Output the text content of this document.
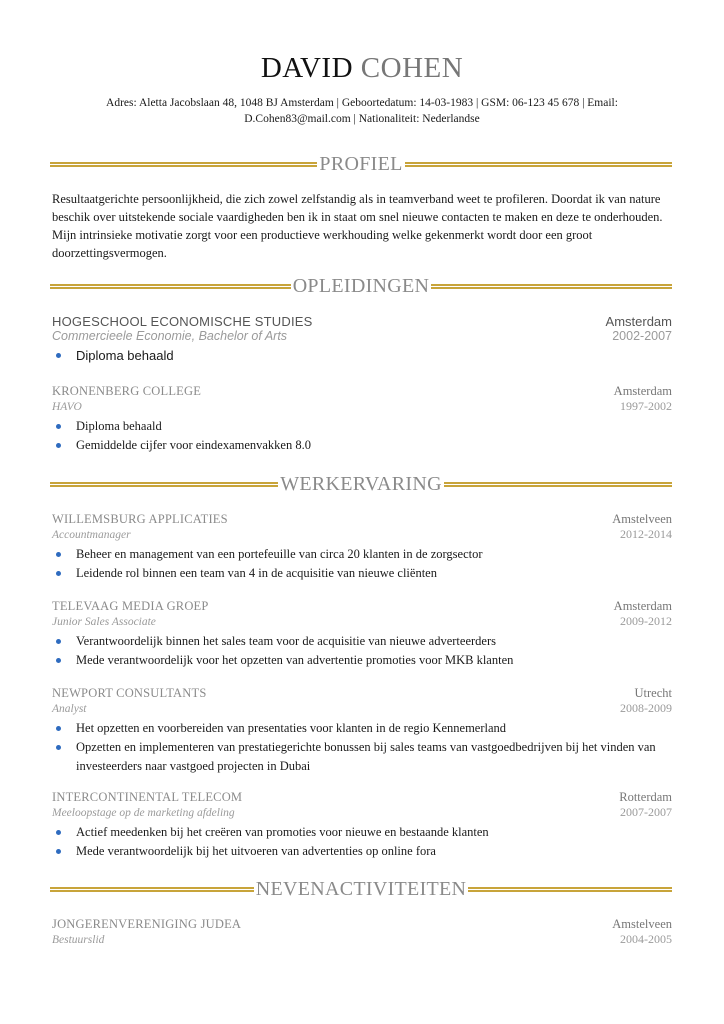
DAVID COHEN
Adres: Aletta Jacobslaan 48, 1048 BJ Amsterdam | Geboortedatum: 14-03-1983 | GSM: 06-123 45 678 | Email:
D.Cohen83@mail.com | Nationaliteit: Nederlandse
PROFIEL
Resultaatgerichte persoonlijkheid, die zich zowel zelfstandig als in teamverband weet te profileren. Doordat ik van nature beschik over uitstekende sociale vaardigheden ben ik in staat om snel nieuwe contacten te maken en deze te onderhouden. Mijn intrinsieke motivatie zorgt voor een productieve werkhouding welke gekenmerkt wordt door een groot doorzettingsvermogen.
OPLEIDINGEN
HOGESCHOOL ECONOMISCHE STUDIES	Amsterdam
Commercieele Economie, Bachelor of Arts	2002-2007
Diploma behaald
KRONENBERG COLLEGE	Amsterdam
HAVO	1997-2002
Diploma behaald
Gemiddelde cijfer voor eindexamenvakken 8.0
WERKERVARING
WILLEMSBURG APPLICATIES	Amstelveen
Accountmanager	2012-2014
Beheer en management van een portefeuille van circa 20 klanten in de zorgsector
Leidende rol binnen een team van 4 in de acquisitie van nieuwe cliënten
TELEVAAG MEDIA GROEP	Amsterdam
Junior Sales Associate	2009-2012
Verantwoordelijk binnen het sales team voor de acquisitie van nieuwe adverteerders
Mede verantwoordelijk voor het opzetten van advertentie promoties voor MKB klanten
NEWPORT CONSULTANTS	Utrecht
Analyst	2008-2009
Het opzetten en voorbereiden van presentaties voor klanten in de regio Kennemerland
Opzetten en implementeren van prestatiegerichte bonussen bij sales teams van vastgoedbedrijven bij het vinden van investeerders naar vastgoed projecten in Dubai
INTERCONTINENTAL TELECOM	Rotterdam
Meeloopstage op de marketing afdeling	2007-2007
Actief meedenken bij het creëren van promoties voor nieuwe en bestaande klanten
Mede verantwoordelijk bij het uitvoeren van advertenties op online fora
NEVENACTIVITEITEN
JONGERENVERENIGING JUDEA	Amstelveen
Bestuurslid	2004-2005
